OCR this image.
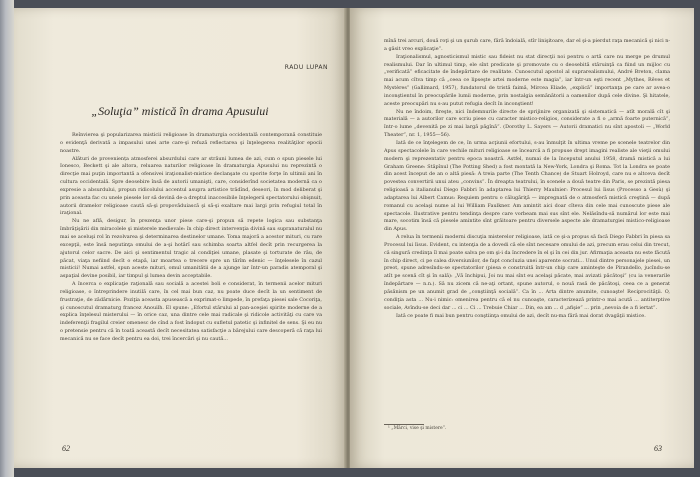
RADU LUPAN
„Soluţia” mistică în drama Apusului

Reînvierea şi popularizarea misticii religioase în dramaturgia occidentală contemporană constituie o evidenţă derivată a impasului unei arte care-şi refuză reflectarea şi înţelegerea realităţilor epocii noastre.

Alături de proveniența atmosferei absurdului care ar străuni lumea de azi, cum o spun piesele lui Ionesco, Beckett şi ale altora, reluarea naturilor religioase în dramaturgia Apusului nu reprezintă o direcţie mai puţin importantă a ofensivei iraţionalist-mistice declanşate cu sporite forţe în ultimii ani în cultura occidentală. Spre deosebire însă de autorii umanişti, care, considerînd societatea modernă ca o expresie a absurdului, propun ridicolului accentul asupra artistice trădînd, deseori, în mod deliberat şi prin aceasta fac cu unele piesele lor să devină de-a dreptul inaccesibile înţelegerii spectatorului obişnuit, autorii dramelor religioase caută să-şi propovăduiască şi să-şi exaltare mai largi prin refugiul total în iraţional.

Nu ne află, desigur, în prezenţa unor piese care-şi propun să repete logica sau substanţa îmbrăţişării din miracolele şi misterele medievale: în chip direct intervenţia divină sau supranaturalul nu mai se aceluşi rol în rezolvarea şi determinarea destinelor umane. Toma majoră a acestor mituri, cu rare excepţii, este însă neputinţa omului de a-şi hotărî sau schimba soarta altfel decît prin recurgerea la ajutorul celor sacre. De aici şi sentimentul tragic al condiţiei umane, plasate şi torturate de rău, de păcat, viaţa nefiind decît o etapă, iar moartea o trecere spre un tărîm edenic — înţelesele în cazul misticii! Numai astfel, spun aceste mituri, omul umanitătii de a ajunge iar într-un paradis atemporal şi aspaţial devine posibil, iar timpul şi lumea devin acceptabile.

A încerca o explicaţie raţională sau socială a acestei boli e considerat, în termenii acelor mituri religioase, o întreprindere inutilă care, în cel mai bun caz, nu poate duce decît la un sentiment de frustraţie, de zădărnicie. Poziţia aceasta apusească a exprimat-o limpede, în prefaţa piesei sale Cocoriţa, şi cunoscutul dramaturg francez Anouilh. El spune: „Efortul stărului al pan-aceşiei spirite moderne de a explica înţelesul misterului — în orice caz, una dintre cele mai radicale şi ridicole activităţi cu care va indeferenţii fragilul creier omenesc de cînd a fost îndoput cu sufletul patetic şi infinitel de sens. Şi eu nu o pretensie pentru că în toată această decît necesitatea satisfacţie a bărejului care descoperă că raţa lui mecanică nu se face decît pentru ea doi, trei încercări şi nu caută...

62

mînă trei arcuri, două roţi şi un şurub care, fără îndoială, stîr linişitoare, dar el şi-a pierdut raţa mecanică şi nici n-a găsit vreo explicaţie”.

Iraţionalismul, agnosticismul mistic sau fideist nu stat direcţii noi pentru o artă care nu merge pe drumul realismului. Dar în ultimul timp, ele sînt predicate şi promovate cu o deosebită stăruinţă ca fiind un mijloc cu „verificată” eficacitate de îndepărtare de realitate. Cunoscutul apostol al suprarealismului, André Breton, clama mai acum cîtva timp că „ceea ce lipseşte artei moderne este magia”, iar într-un eşti recent „Mythes, Rêves et Mystères” (Gallimard, 1957), fundatorul de tristă faimă, Mircea Eliade, „explică” importanţa pe care ar avea-o inconştientul în preocupările lumii moderne, prin nostalgia semănătorii a oamenilor după cele divine. Şi hitatele, aceste preocupări nu s-au putut refugia decît în inconştient!

Nu ne îndoim, fireşte, nici îndemnurile directe de sprijinire organizată şi sistematică — atît morală cît şi materială — a autorilor care scriu piese cu caracter mistico-religios, considerate a fi o „armă foarte puternică”, într-o lume „devenită pe zi mai largă păgînă”. (Dorothy L. Sayers — Autorii dramatici nu sînt apostoli — „World Theater”, nr. 1, 1955—56).

Iată de ce înţelegem de ce, în urma acţiunii efortului, s-au înmulţit în ultima vreme pe scenele teatrelor din Apus spectacolele în care vechile mituri religioase se încearcă a fi propuse drept imagini realiste ale vieţii omului modern şi reprezentativ pentru epoca noastră. Astfel, numai de la începutul anului 1958, dramă mistică a lui Graham Greene: Stăpînul (The Potting Shed) a fost montată la New-York, Londra şi Roma. Tot la Londra se poate din acest început de an o altă piesă: A treia parte (The Tenth Chance) de Stuart Holroyd, care nu e altceva decît povestea convertirii unui ateu „convins”. În dreapta teatrului, în scenele a două teatre din Paris, se prezintă piesa religioasă a italianului Diego Fabbri în adaptarea lui Thierry Maulnier: Procesul lui Iisus (Processo a Gesù) şi adaptarea lui Albert Camus: Requiem pentru o călugăriţă — impregnată de o atmosferă mistică creştină — după romanul cu acelaşi nume al lui William Faulkner. Am amintit aici doar cîteva din cele mai cunoscute piese ale spectacole. Ilustrative pentru tendinţa despre care vorbeam mai sus sînt ele. Nelăsîndu-să numărul lor este mai mare, socotim însă că piesele amintite sînt grăitoare pentru diversele aspecte ale dramaturgiei mistico-religioase din Apus.

A relua în termenii moderni discuţia misterelor religioase, iată ce şi-a propus să facă Diego Fabbri în piesa sa Procesul lui Iisus. Evident, cu intenţia de a dovedi că ele sînt necesare omului de azi, precum erau celui din trecut, că singură credinţa îl mai poate salva pe om şi-i da încredere în el şi în cei din jur. Afirmaţia aceasta nu este făcută în chip direct, ci pe calea diversiunilor, de fapt concluzia unei aparente socrati... Unul dintre personajele piesei, un preot, spune adresîndu-se spectatorilor (piesa e construită într-un chip care aminteşte de Pirandello, jucîndu-se atît pe scenă cît şi în sală): „Vă închipui, Joi nu mai sînt eu acelaşi păcate, mai avizati păcătoşi” (cu ia venerarile îndepărtare — n.n.). Să nu zicem că ne-aţi ortant, spune autorul, o nouă rasă de păcătoşi, ceea ce a generat păsănism pe un anumit grad de „conştiinţă socială”. Ca în ... Arta dintre anumite, cunoaşte! Reciprocităţii. O, condiţia asta ... Nu-i nimic: omenirea pentru că el nu cunoaşte, caracterizează printr-o mai acută ... antiterptive sociale, Avîndu-se deci dar ... ci ... Ci ... Trebuie Chiar ... Din, ea am ... d „afişie” ... prin „nevoia de a fi iertat”.

Iată ce poate fi mai bun pentru conştiinţa omului de azi, decît nu-ma fărâ mai dorat dvagăţii mistice.

¹ „Mărci, vise şi mistere”.
63
